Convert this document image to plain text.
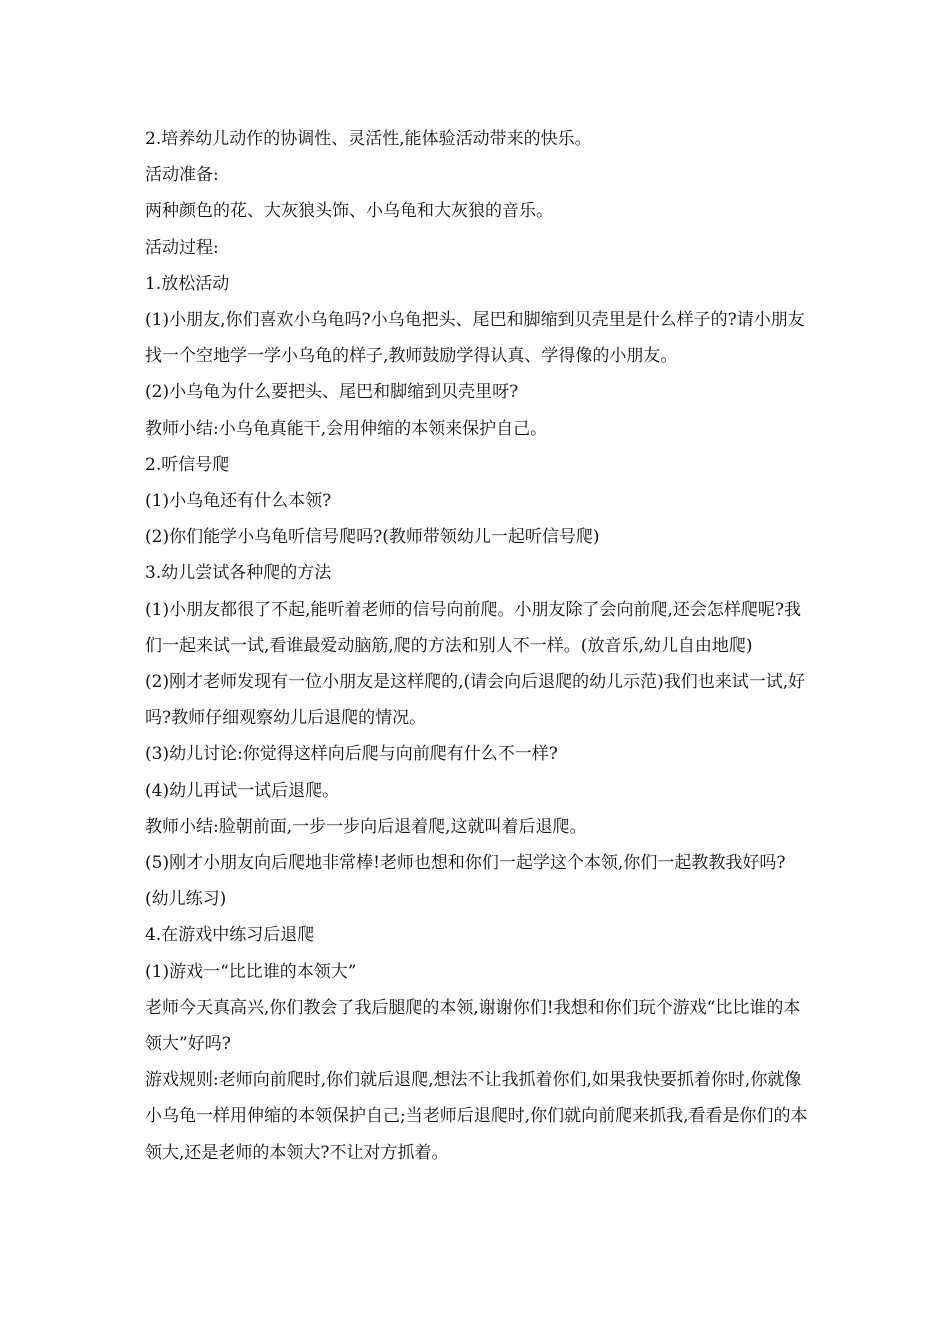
2.培养幼儿动作的协调性、灵活性,能体验活动带来的快乐。

活动准备:

两种颜色的花、大灰狼头饰、小乌龟和大灰狼的音乐。

活动过程:

1.放松活动

(1)小朋友,你们喜欢小乌龟吗?小乌龟把头、尾巴和脚缩到贝壳里是什么样子的?请小朋友找一个空地学一学小乌龟的样子,教师鼓励学得认真、学得像的小朋友。

(2)小乌龟为什么要把头、尾巴和脚缩到贝壳里呀?

教师小结:小乌龟真能干,会用伸缩的本领来保护自己。

2.听信号爬

(1)小乌龟还有什么本领?

(2)你们能学小乌龟听信号爬吗?(教师带领幼儿一起听信号爬)

3.幼儿尝试各种爬的方法

(1)小朋友都很了不起,能听着老师的信号向前爬。小朋友除了会向前爬,还会怎样爬呢?我们一起来试一试,看谁最爱动脑筋,爬的方法和别人不一样。(放音乐,幼儿自由地爬)

(2)刚才老师发现有一位小朋友是这样爬的,(请会向后退爬的幼儿示范)我们也来试一试,好吗?教师仔细观察幼儿后退爬的情况。

(3)幼儿讨论:你觉得这样向后爬与向前爬有什么不一样?

(4)幼儿再试一试后退爬。

教师小结:脸朝前面,一步一步向后退着爬,这就叫着后退爬。

(5)刚才小朋友向后爬地非常棒!老师也想和你们一起学这个本领,你们一起教教我好吗?(幼儿练习)

4.在游戏中练习后退爬

(1)游戏一“比比谁的本领大”

老师今天真高兴,你们教会了我后腿爬的本领,谢谢你们!我想和你们玩个游戏“比比谁的本领大”好吗?

游戏规则:老师向前爬时,你们就后退爬,想法不让我抓着你们,如果我快要抓着你时,你就像小乌龟一样用伸缩的本领保护自己;当老师后退爬时,你们就向前爬来抓我,看看是你们的本领大,还是老师的本领大?不让对方抓着。
